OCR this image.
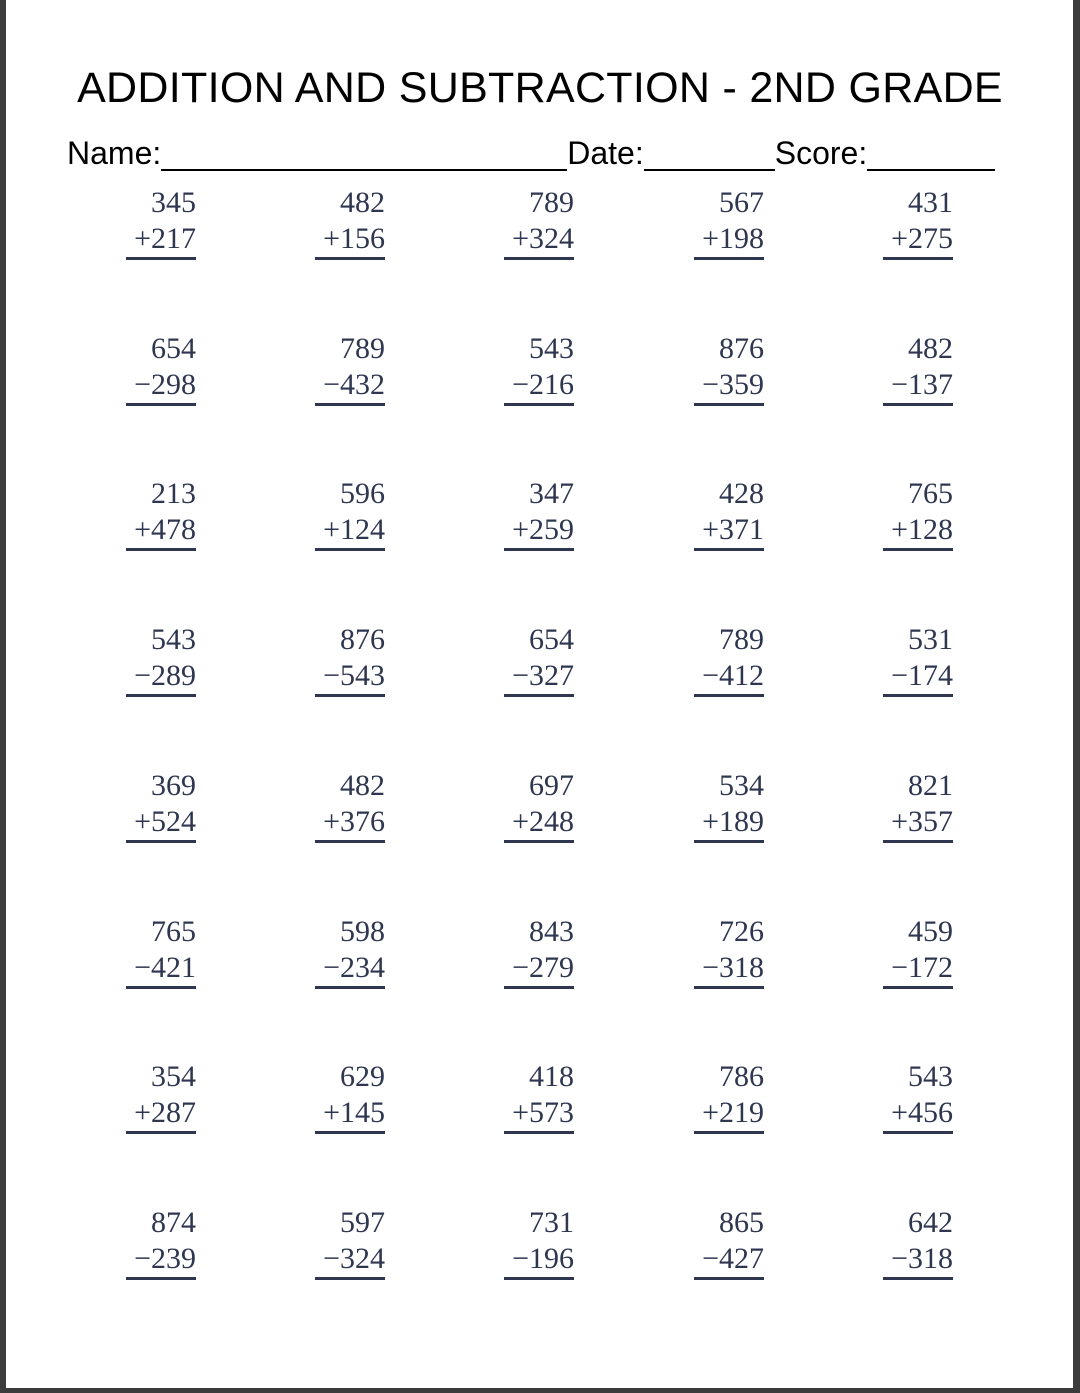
ADDITION AND SUBTRACTION - 2ND GRADE
Name:	Date:	Score:
345
+217
482
+156
789
+324
567
+198
431
+275
654
−298
789
−432
543
−216
876
−359
482
−137
213
+478
596
+124
347
+259
428
+371
765
+128
543
−289
876
−543
654
−327
789
−412
531
−174
369
+524
482
+376
697
+248
534
+189
821
+357
765
−421
598
−234
843
−279
726
−318
459
−172
354
+287
629
+145
418
+573
786
+219
543
+456
874
−239
597
−324
731
−196
865
−427
642
−318
